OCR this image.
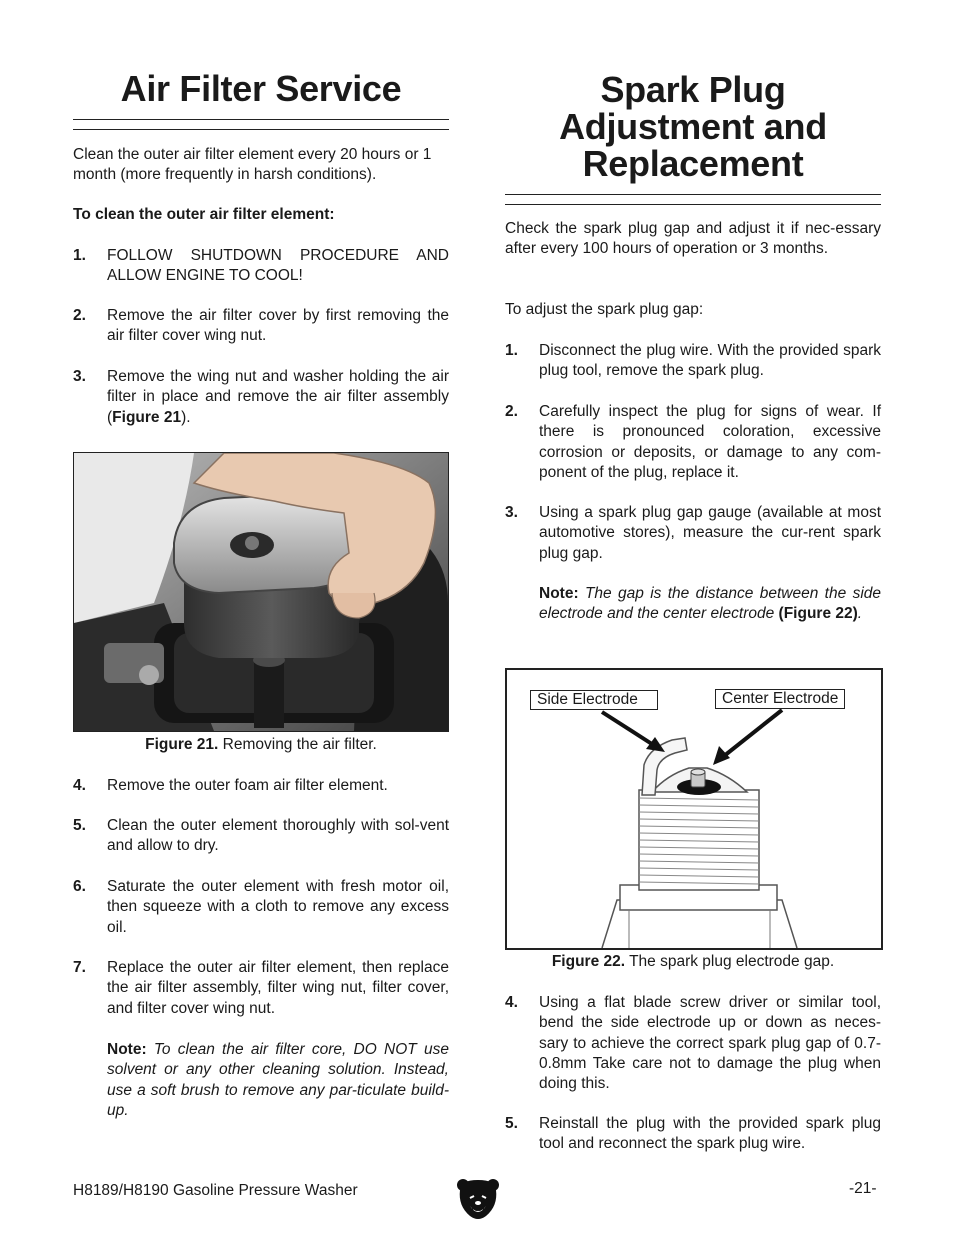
Air Filter Service

Clean the outer air filter element every 20 hours or 1 month (more frequently in harsh conditions).

To clean the outer air filter element:

1.	FOLLOW SHUTDOWN PROCEDURE AND ALLOW ENGINE TO COOL!
2.	Remove the air filter cover by first removing the air filter cover wing nut.
3.	Remove the wing nut and washer holding the air filter in place and remove the air filter assembly (Figure 21).
Figure 21. Removing the air filter.
4.	Remove the outer foam air filter element.
5.	Clean the outer element thoroughly with sol-vent and allow to dry.
6.	Saturate the outer element with fresh motor oil, then squeeze with a cloth to remove any excess oil.
7.	Replace the outer air filter element, then replace the air filter assembly, filter wing nut, filter cover, and filter cover wing nut.
Note: To clean the air filter core, DO NOT use solvent or any other cleaning solution. Instead, use a soft brush to remove any par-ticulate build-up.
Spark Plug Adjustment and Replacement

Check the spark plug gap and adjust it if nec-essary after every 100 hours of operation or 3 months.

To adjust the spark plug gap:

1.	Disconnect the plug wire. With the provided spark plug tool, remove the spark plug.
2.	Carefully inspect the plug for signs of wear. If there is pronounced coloration, excessive corrosion or deposits, or damage to any com-ponent of the plug, replace it.
3.	Using a spark plug gap gauge (available at most automotive stores), measure the cur-rent spark plug gap.
Note: The gap is the distance between the side electrode and the center electrode (Figure 22).
Side Electrode	Center Electrode
Figure 22. The spark plug electrode gap.
4.	Using a flat blade screw driver or similar tool, bend the side electrode up or down as neces-sary to achieve the correct spark plug gap of 0.7-0.8mm Take care not to damage the plug when doing this.
5.	Reinstall the plug with the provided spark plug tool and reconnect the spark plug wire.
H8189/H8190 Gasoline Pressure Washer	-21-
